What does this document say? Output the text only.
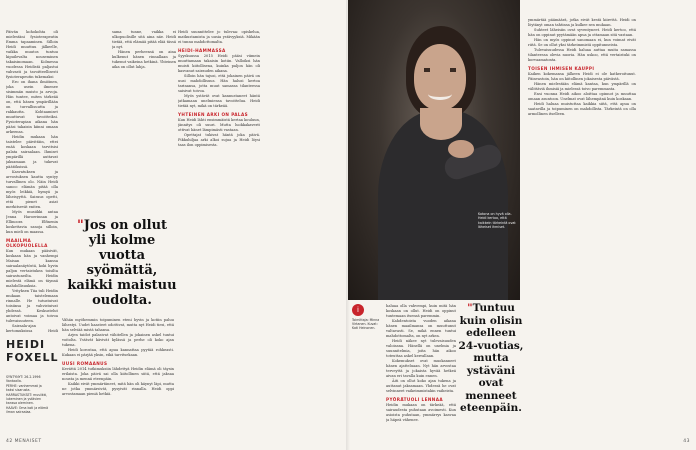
Päivän kohokohta oli mielestäni fysioterapeutin Emma tapaaminen. Silloin Heidi muuttuu jälkeelle, vaikka muutos tuntuu kipuilevalta nouseminen takaisinomaan. Kolmessa vuodessa Heidistä paljastui vahvasti ja tavoitteellisesti fysioterapeutin tukemaksi

Ero on ihana ilmiöinen, joka usein ilmenee sisimmän muisto ja arvoja. Hän tuntee, miten tärkeää on, että hänen ympärillään on turvallisuutta ja rakkautta. Kohtaamiset muuttuvat tavoitteiksi. Fysioterapian aikana hän pääsi takaisin kiinni omaan arkeensa.

Heidin mukaan hän taistelee päivittäin, ettei enää koskaan tarvitsisi palata sairaalaan. Ihmiset ympärillä auttavat jaksamaan ja tukevat päätöksissä.

Kasvatuksen ja arvostuksen kautta syntyy turvallinen olo. Näin Heidi sanoo: elämän pitää olla myös leikkiä, hymyä ja läheisyyttä. Sairaus opetti, että pienet asiat merkitsevät eniten.

Myös musiikki antaa Jenna Haroerinnan ja Ellinoora Elfinenin koskettavia sanoja silloin, kun mieli on maassa.

MAAILMA OLKOPUOLELLA

Kun mukaan pääsivät, koskaan hän ja vanhempi Maisan kanssa sairaalanäytöstä, koki hyvin paljon vertaistukea toisilta sairastuneilta. Heidin mielestä elämä on täynnä mahdollisuuksia.

Yrityksen Tiia tuli Heidin mukaan taistelemaan rinnalle. He tutustuivat toisiinsa ja vahvistuivat yhdessä. Keskustelut antoivat voimaa ja toivoa tulevaisuuteen.

Sairaala-ajan kertomuksissa Heidi

Vähän myöhemmin toipuminen eteni hyvin ja kotiin paluu lähestyi. Uudet haasteet odottivat, mutta nyt Heidi tiesi, että hän selviää mistä tahansa.

Arjen taidot palasivat vähitellen ja jokainen askel tuntui voitolta. Ystävät kävivät kylässä ja perhe oli koko ajan tukena.

Heidi korostaa, että apua kannattaa pyytää rohkeasti. Kukaan ei pärjää yksin, eikä tarvitsekaan.

UUSI ROMAANUS

Kevättä 2014 tutkimuksiin lähdettyä Heidin elämä oli täysin erilaista. Joka päivä sai olla kiitollinen siitä, että jaksaa nousta ja mennä eteenpäin.

Kaikki eivät ymmärtäneet, mitä hän oli käynyt läpi, mutta ne jotka ymmärsivät, pysyivät rinnalla. Heidi oppi arvostamaan pieniä hetkiä.

sama tunne, vaikka ei ulkopuolisille sitä aina näe. Heidi tietää, että elämää pitää elää tässä ja nyt.

Hänen perheensä on aina kulkenut hänen rinnallaan ja tukenut vaikeina hetkinä. Yhteinen aika on ollut lahja.

"Jos on ollut yli kolme vuotta syömättä, kaikki maistuu oudolta.

Heidi suunnittelee jo tulevaa: opiskelua, matkustamista ja uusia ystävyyksiä. Mikään ei tunnu mahdottomalta.

HEIDI-HAMMASSA

Syyskuussa 2015 Heidi pääsi viimein muuttamaan takaisin kotiin. Valloiksi hän muisti kiitollisena, kuinka paljon hän oli kasvanut sairauden aikana.

Silloin hän tajusi, että jokainen päivä on uusi mahdollisuus. Hän halusi kertoa tarinansa, jotta muut samassa tilanteessa saisivat toivoa.

Myös ystävät ovat kannustaneet häntä jatkamaan unelmiensa tavoittelua. Heidi tietää nyt, mikä on tärkeää.

YHTEINEN ARKI ON PALAS

Kun Heidi lähti ensimmäistä kertaa kouluun, jännitys oli suuri. Mutta luokkakaverit ottivat hänet lämpimästi vastaan.

Opettajat tukivat häntä joka päivä. Pikkuhiljaa arki alkoi sujua ja Heidi löysi taas ilon oppimisesta.

HEIDI
FOXELL
SYNTYNYT: 26.2.1996
Vantaalla.
PERHE: vanhemmat ja kaksi sisarusta.
HARRASTUKSET: musiikki, lukeminen ja ystävien kanssa oleminen.
HAAVE: Oma koti ja elämä ilman sairaalaa.
42 MENAISET
Kotona on hyvä olla. Heidi kertoo, että kaikkein tärkeintä ovat läheiset ihmiset.
i
Toimittaja: Minna Virtanen. Kuvat: Kati Heinonen.

haluaa olla vahvempi, kuin mitä hän koskaan on ollut. Heidi on oppinut tuntemaan itsensä paremmin.

Kahdentoista vuoden aikana hänen maailmansa on muuttunut valtavasti. Se, mikä ennen tuntui mahdottomalta, on nyt arkea.

Heidi näkee nyt tulevaisuuden valoisana. Hänellä on unelmia ja suunnitelmia, joita hän aikoo toteuttaa askel kerrallaan.

Kokemukset ovat muokanneet hänen ajatteluaan. Nyt hän arvostaa terveyttä ja jokaista hyvää hetkeä aivan eri tavalla kuin ennen.

Äiti on ollut koko ajan tukena ja auttanut jaksamaan. Yhdessä he ovat selvinneet vaikeimmistakin vaiheista.

PYÖRÄTUOLI LENNAA

Heidin mukaan on tärkeää, että sairaudesta puhutaan avoimesti. Kun asioista puhutaan, ymmärrys kasvaa ja häpeä vähenee.

"Tuntuu kuin olisin edelleen 24-vuotias, mutta ystäväni ovat menneet eteenpäin.

ymmärtää päämäärä, jotka eivät kestä kiirettä. Heidi on löytänyt oman tahtinsa ja kulkee sen mukaan.

Suhteet läheisiin ovat syventyneet. Heidi kertoo, että hän on oppinut pyytämään apua ja ottamaan sitä vastaan.

Hän on myös oppinut sanomaan ei, kun voimat eivät riitä. Se on ollut yksi tärkeimmistä oppitunneista.

Tulevaisuudessa Heidi haluaa auttaa muita samassa tilanteessa olevia nuoria. Hän uskoo, että vertaistuki on korvaamatonta.

TOISEN IHMISEN KAUPPI

Kaiken kokemansa jälkeen Heidi ei ole katkeroitunut. Päinvastoin, hän on kiitollinen jokaisesta päivästä.

Hänen mielestään elämä kantaa, kun ympärillä on välittäviä ihmisiä ja mielessä toivo paremmasta.

Ensi vuonna Heidi aikoo aloittaa opinnot ja muuttaa omaan asuntoon. Unelmat ovat lähempänä kuin koskaan.

Heidi haluaa muistuttaa kaikkia siitä, että apua on saatavilla ja toipuminen on mahdollista. Tärkeintä on olla armollinen itselleen.

43
